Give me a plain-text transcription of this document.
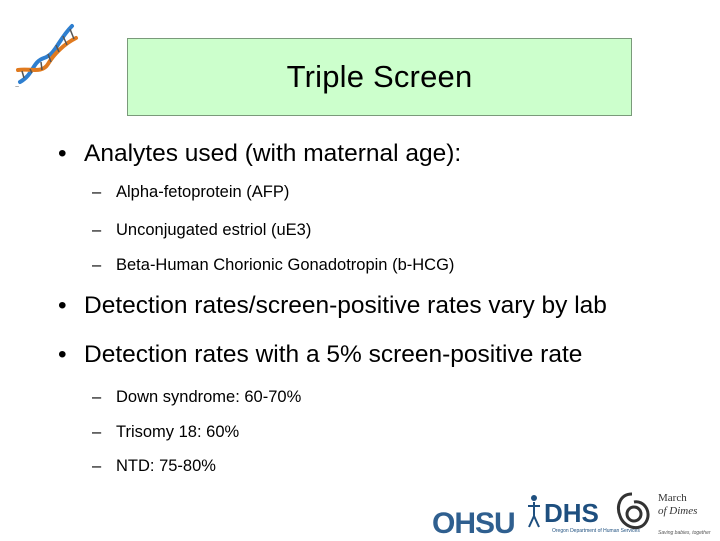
~	Triple Screen
• Analytes used (with maternal age):
– Alpha-fetoprotein (AFP)
– Unconjugated estriol (uE3)
– Beta-Human Chorionic Gonadotropin (b-HCG)
• Detection rates/screen-positive rates vary by lab
• Detection rates with a 5% screen-positive rate
– Down syndrome: 60-70%
– Trisomy 18: 60%
– NTD: 75-80%
OHSU DHS
Oregon Department of Human Services
March
of Dimes
Saving babies, together
